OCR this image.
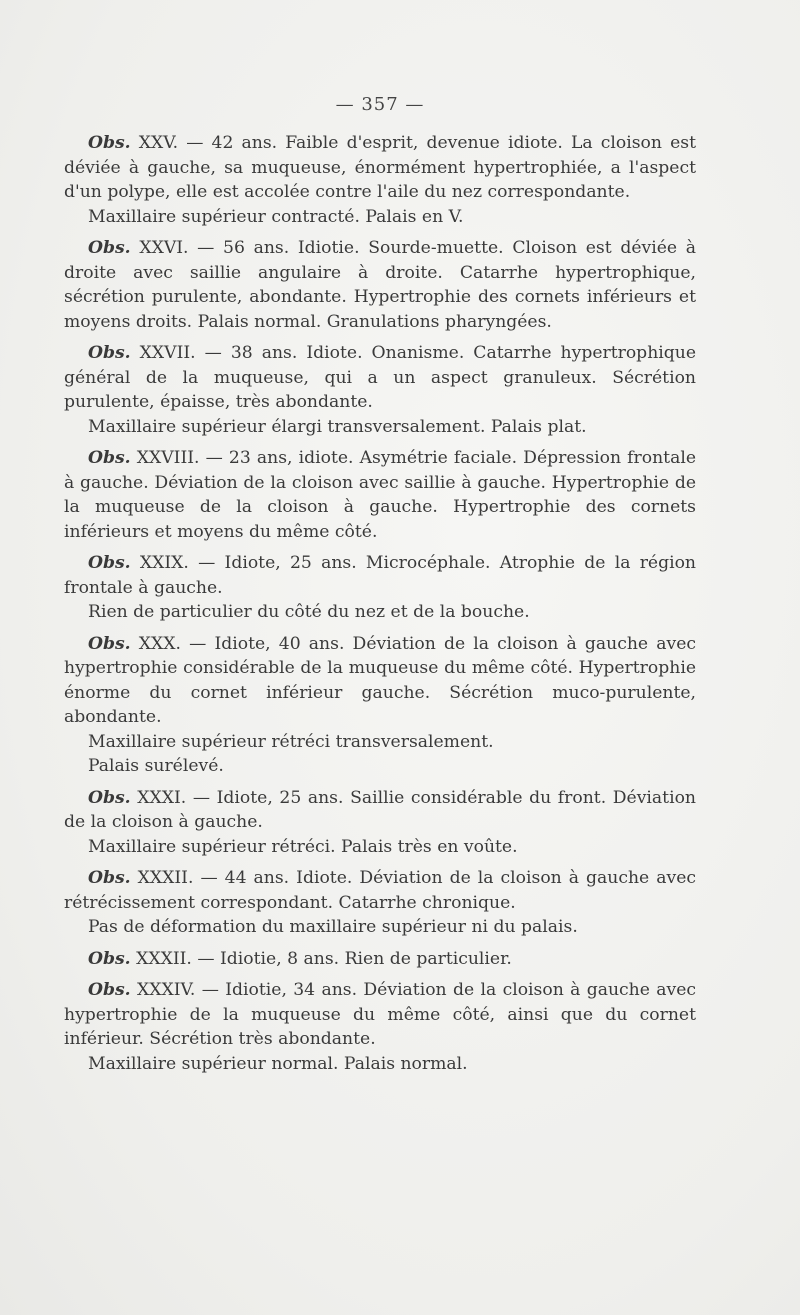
— 357 —

Obs. XXV. — 42 ans. Faible d'esprit, devenue idiote. La cloison est déviée à gauche, sa muqueuse, énormément hypertrophiée, a l'aspect d'un polype, elle est accolée contre l'aile du nez correspondante.

Maxillaire supérieur contracté. Palais en V.

Obs. XXVI. — 56 ans. Idiotie. Sourde-muette. Cloison est déviée à droite avec saillie angulaire à droite. Catarrhe hypertrophique, sécrétion purulente, abondante. Hypertrophie des cornets inférieurs et moyens droits. Palais normal. Granulations pharyngées.

Obs. XXVII. — 38 ans. Idiote. Onanisme. Catarrhe hypertrophique général de la muqueuse, qui a un aspect granuleux. Sécrétion purulente, épaisse, très abondante.

Maxillaire supérieur élargi transversalement. Palais plat.

Obs. XXVIII. — 23 ans, idiote. Asymétrie faciale. Dépression frontale à gauche. Déviation de la cloison avec saillie à gauche. Hypertrophie de la muqueuse de la cloison à gauche. Hypertrophie des cornets inférieurs et moyens du même côté.

Obs. XXIX. — Idiote, 25 ans. Microcéphale. Atrophie de la région frontale à gauche.

Rien de particulier du côté du nez et de la bouche.

Obs. XXX. — Idiote, 40 ans. Déviation de la cloison à gauche avec hypertrophie considérable de la muqueuse du même côté. Hypertrophie énorme du cornet inférieur gauche. Sécrétion muco-purulente, abondante.

Maxillaire supérieur rétréci transversalement.

Palais surélevé.

Obs. XXXI. — Idiote, 25 ans. Saillie considérable du front. Déviation de la cloison à gauche.

Maxillaire supérieur rétréci. Palais très en voûte.

Obs. XXXII. — 44 ans. Idiote. Déviation de la cloison à gauche avec rétrécissement correspondant. Catarrhe chronique.

Pas de déformation du maxillaire supérieur ni du palais.

Obs. XXXII. — Idiotie, 8 ans. Rien de particulier.

Obs. XXXIV. — Idiotie, 34 ans. Déviation de la cloison à gauche avec hypertrophie de la muqueuse du même côté, ainsi que du cornet inférieur. Sécrétion très abondante.

Maxillaire supérieur normal. Palais normal.
